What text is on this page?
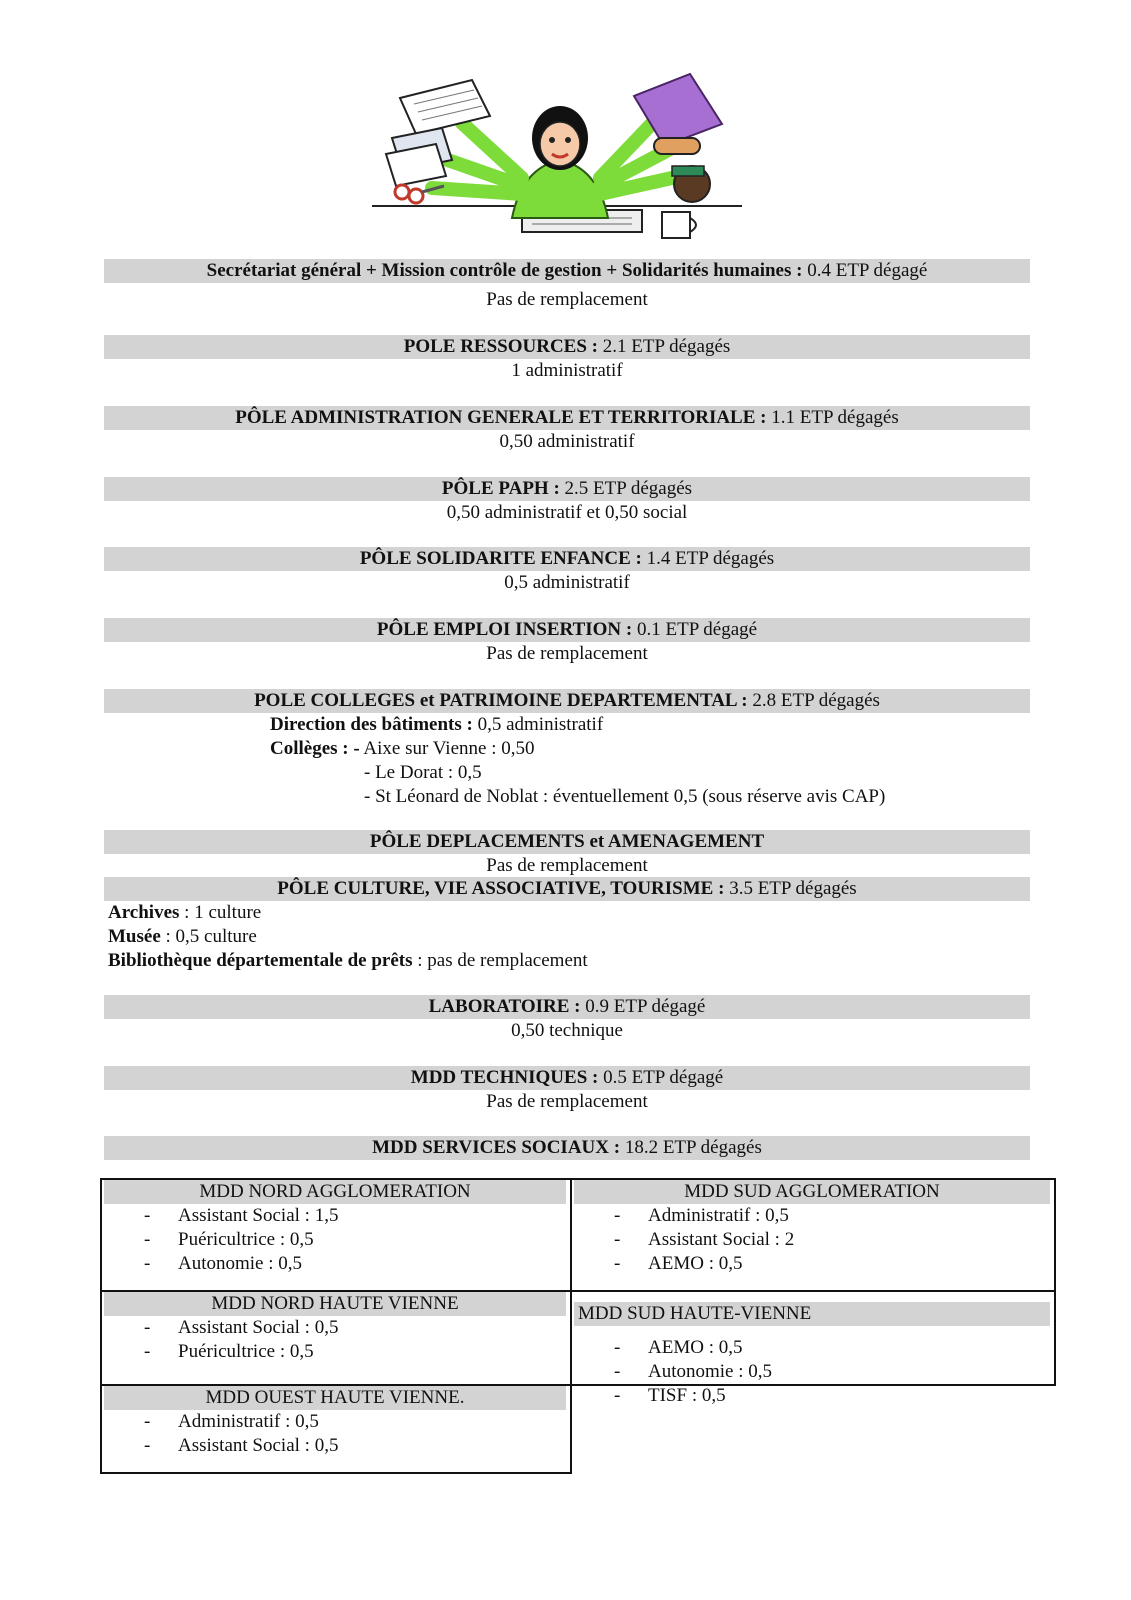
Secrétariat général + Mission contrôle de gestion + Solidarités humaines : 0.4 ETP dégagé
Pas de remplacement
POLE RESSOURCES : 2.1 ETP dégagés
1 administratif
PÔLE ADMINISTRATION GENERALE ET TERRITORIALE : 1.1 ETP dégagés
0,50 administratif
PÔLE PAPH : 2.5 ETP dégagés
0,50 administratif et 0,50 social
PÔLE SOLIDARITE ENFANCE : 1.4 ETP dégagés
0,5 administratif
PÔLE EMPLOI INSERTION : 0.1 ETP dégagé
Pas de remplacement
POLE COLLEGES et PATRIMOINE DEPARTEMENTAL : 2.8 ETP dégagés
Direction des bâtiments : 0,5 administratif
Collèges : - Aixe sur Vienne : 0,50
- Le Dorat : 0,5
- St Léonard de Noblat : éventuellement 0,5 (sous réserve avis CAP)
PÔLE DEPLACEMENTS et AMENAGEMENT
Pas de remplacement
PÔLE CULTURE, VIE ASSOCIATIVE, TOURISME : 3.5 ETP dégagés
Archives : 1 culture
Musée : 0,5 culture
Bibliothèque départementale de prêts : pas de remplacement
LABORATOIRE : 0.9 ETP dégagé
0,50 technique
MDD TECHNIQUES : 0.5 ETP dégagé
Pas de remplacement
MDD SERVICES SOCIAUX : 18.2 ETP dégagés
MDD NORD AGGLOMERATION
- Assistant Social : 1,5
- Puéricultrice : 0,5
- Autonomie : 0,5
MDD SUD AGGLOMERATION
- Administratif : 0,5
- Assistant Social : 2
- AEMO : 0,5
MDD NORD HAUTE VIENNE
- Assistant Social : 0,5
- Puéricultrice : 0,5
MDD SUD HAUTE-VIENNE
- AEMO : 0,5
- Autonomie : 0,5
- TISF : 0,5
MDD OUEST HAUTE VIENNE.
- Administratif : 0,5
- Assistant Social : 0,5
